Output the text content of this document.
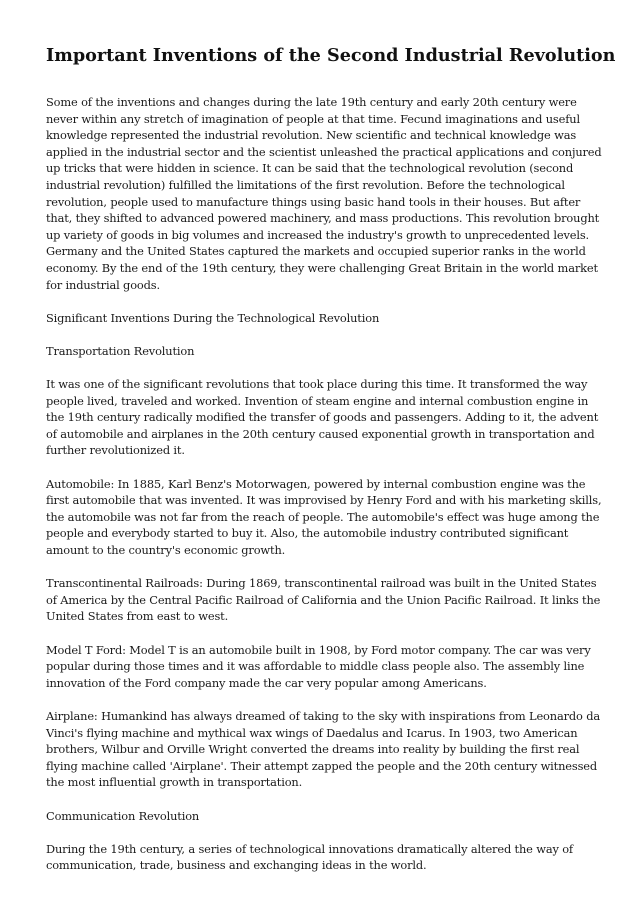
Important Inventions of the Second Industrial Revolution

Some of the inventions and changes during the late 19th century and early 20th century were never within any stretch of imagination of people at that time. Fecund imaginations and useful knowledge represented the industrial revolution. New scientific and technical knowledge was applied in the industrial sector and the scientist unleashed the practical applications and conjured up tricks that were hidden in science. It can be said that the technological revolution (second industrial revolution) fulfilled the limitations of the first revolution. Before the technological revolution, people used to manufacture things using basic hand tools in their houses. But after that, they shifted to advanced powered machinery, and mass productions. This revolution brought up variety of goods in big volumes and increased the industry's growth to unprecedented levels. Germany and the United States captured the markets and occupied superior ranks in the world economy. By the end of the 19th century, they were challenging Great Britain in the world market for industrial goods.

Significant Inventions During the Technological Revolution

Transportation Revolution

It was one of the significant revolutions that took place during this time. It transformed the way people lived, traveled and worked. Invention of steam engine and internal combustion engine in the 19th century radically modified the transfer of goods and passengers. Adding to it, the advent of automobile and airplanes in the 20th century caused exponential growth in transportation and further revolutionized it.

Automobile: In 1885, Karl Benz's Motorwagen, powered by internal combustion engine was the first automobile that was invented. It was improvised by Henry Ford and with his marketing skills, the automobile was not far from the reach of people. The automobile's effect was huge among the people and everybody started to buy it. Also, the automobile industry contributed significant amount to the country's economic growth.

Transcontinental Railroads: During 1869, transcontinental railroad was built in the United States of America by the Central Pacific Railroad of California and the Union Pacific Railroad. It links the United States from east to west.

Model T Ford: Model T is an automobile built in 1908, by Ford motor company. The car was very popular during those times and it was affordable to middle class people also. The assembly line innovation of the Ford company made the car very popular among Americans.

Airplane: Humankind has always dreamed of taking to the sky with inspirations from Leonardo da Vinci's flying machine and mythical wax wings of Daedalus and Icarus. In 1903, two American brothers, Wilbur and Orville Wright converted the dreams into reality by building the first real flying machine called 'Airplane'. Their attempt zapped the people and the 20th century witnessed the most influential growth in transportation.

Communication Revolution

During the 19th century, a series of technological innovations dramatically altered the way of communication, trade, business and exchanging ideas in the world.
